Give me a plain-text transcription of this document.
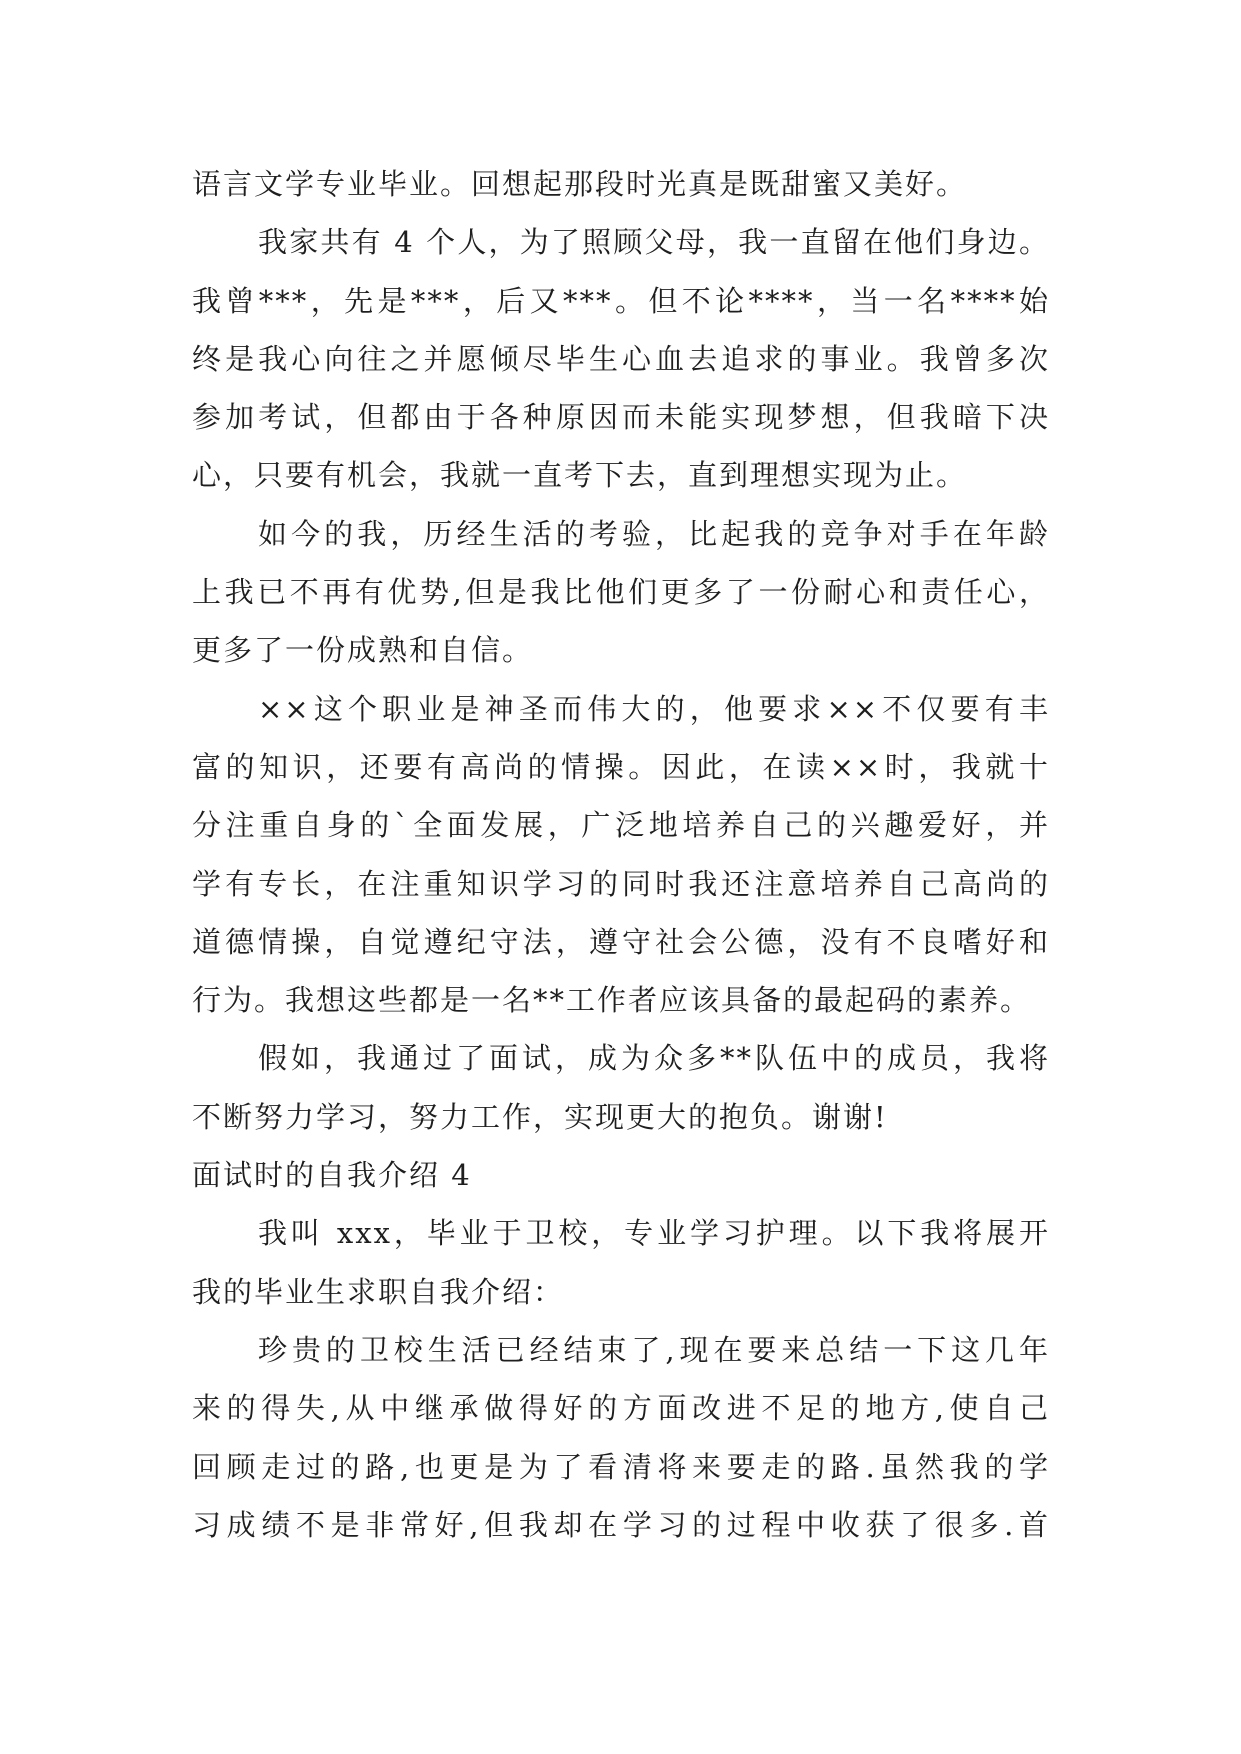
语言文学专业毕业。回想起那段时光真是既甜蜜又美好。
我家共有 4 个人，为了照顾父母，我一直留在他们身边。
我曾***，先是***，后又***。但不论****，当一名****始
终是我心向往之并愿倾尽毕生心血去追求的事业。我曾多次
参加考试，但都由于各种原因而未能实现梦想，但我暗下决
心，只要有机会，我就一直考下去，直到理想实现为止。
如今的我，历经生活的考验，比起我的竞争对手在年龄
上我已不再有优势,但是我比他们更多了一份耐心和责任心，
更多了一份成熟和自信。
××这个职业是神圣而伟大的，他要求××不仅要有丰
富的知识，还要有高尚的情操。因此，在读××时，我就十
分注重自身的`全面发展，广泛地培养自己的兴趣爱好，并
学有专长，在注重知识学习的同时我还注意培养自己高尚的
道德情操，自觉遵纪守法，遵守社会公德，没有不良嗜好和
行为。我想这些都是一名**工作者应该具备的最起码的素养。
假如，我通过了面试，成为众多**队伍中的成员，我将
不断努力学习，努力工作，实现更大的抱负。谢谢!
面试时的自我介绍 4
我叫 xxx，毕业于卫校，专业学习护理。以下我将展开
我的毕业生求职自我介绍：
珍贵的卫校生活已经结束了,现在要来总结一下这几年
来的得失,从中继承做得好的方面改进不足的地方,使自己
回顾走过的路,也更是为了看清将来要走的路.虽然我的学
习成绩不是非常好,但我却在学习的过程中收获了很多.首
